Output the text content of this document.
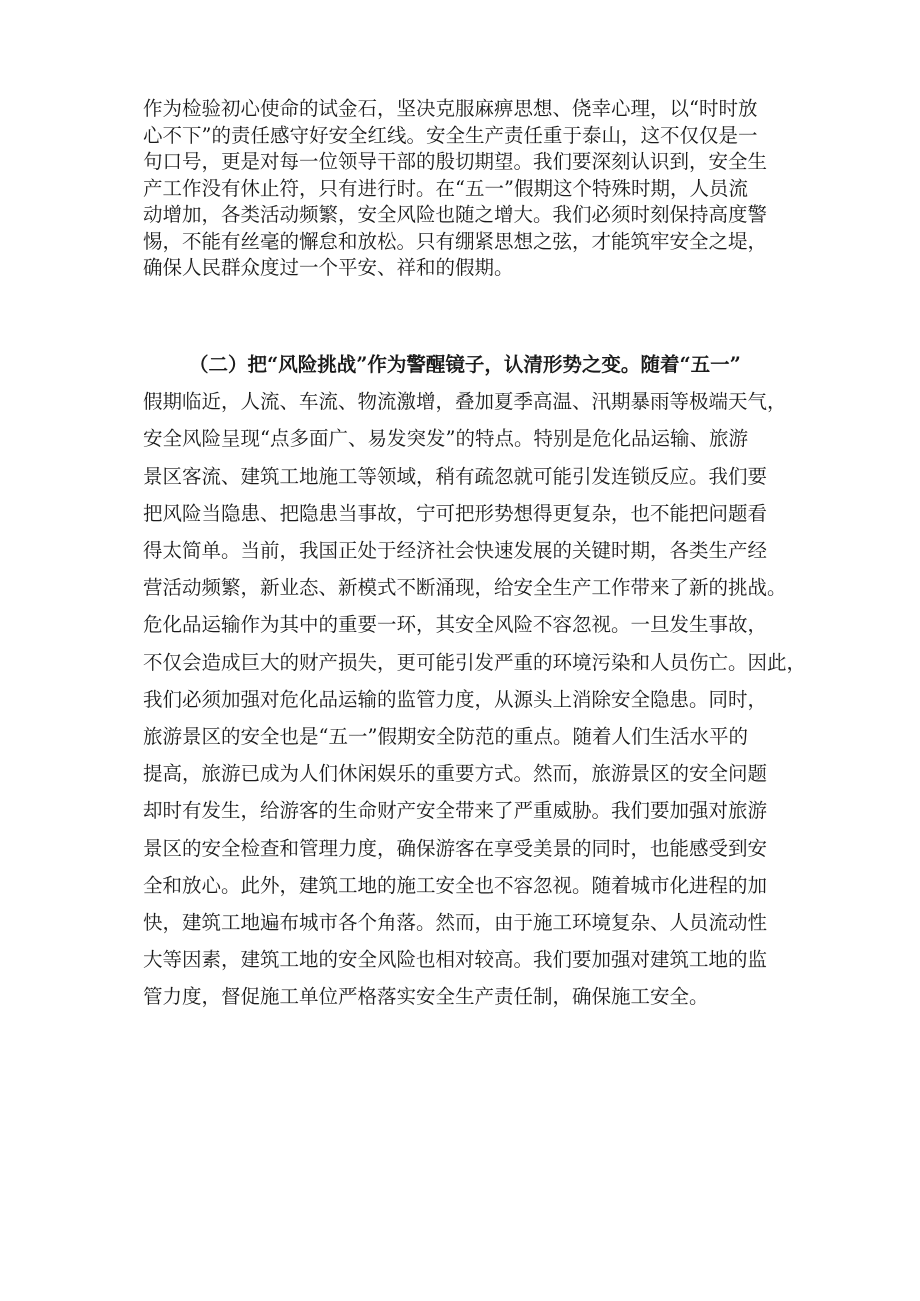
作为检验初心使命的试金石，坚决克服麻痹思想、侥幸心理，以“时时放
心不下”的责任感守好安全红线。安全生产责任重于泰山，这不仅仅是一
句口号，更是对每一位领导干部的殷切期望。我们要深刻认识到，安全生
产工作没有休止符，只有进行时。在“五一”假期这个特殊时期，人员流
动增加，各类活动频繁，安全风险也随之增大。我们必须时刻保持高度警
惕，不能有丝毫的懈怠和放松。只有绷紧思想之弦，才能筑牢安全之堤，
确保人民群众度过一个平安、祥和的假期。
（二）把“风险挑战”作为警醒镜子，认清形势之变。随着“五一”
假期临近，人流、车流、物流激增，叠加夏季高温、汛期暴雨等极端天气，
安全风险呈现“点多面广、易发突发”的特点。特别是危化品运输、旅游
景区客流、建筑工地施工等领域，稍有疏忽就可能引发连锁反应。我们要
把风险当隐患、把隐患当事故，宁可把形势想得更复杂，也不能把问题看
得太简单。当前，我国正处于经济社会快速发展的关键时期，各类生产经
营活动频繁，新业态、新模式不断涌现，给安全生产工作带来了新的挑战。
危化品运输作为其中的重要一环，其安全风险不容忽视。一旦发生事故，
不仅会造成巨大的财产损失，更可能引发严重的环境污染和人员伤亡。因此，
我们必须加强对危化品运输的监管力度，从源头上消除安全隐患。同时，
旅游景区的安全也是“五一”假期安全防范的重点。随着人们生活水平的
提高，旅游已成为人们休闲娱乐的重要方式。然而，旅游景区的安全问题
却时有发生，给游客的生命财产安全带来了严重威胁。我们要加强对旅游
景区的安全检查和管理力度，确保游客在享受美景的同时，也能感受到安
全和放心。此外，建筑工地的施工安全也不容忽视。随着城市化进程的加
快，建筑工地遍布城市各个角落。然而，由于施工环境复杂、人员流动性
大等因素，建筑工地的安全风险也相对较高。我们要加强对建筑工地的监
管力度，督促施工单位严格落实安全生产责任制，确保施工安全。
